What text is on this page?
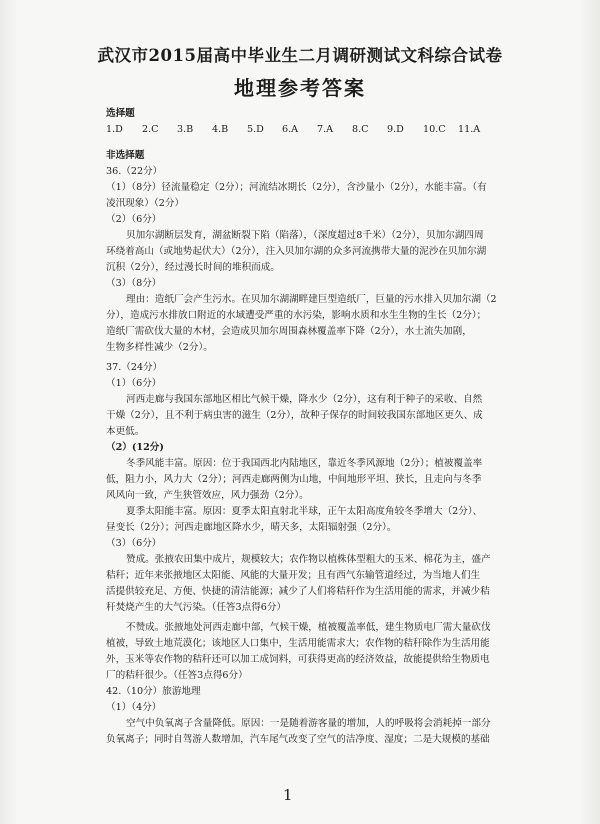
武汉市2015届高中毕业生二月调研测试文科综合试卷
地理参考答案

选择题

1.D	2.C	3.B	4.B	5.D	6.A	7.A	8.C	9.D	10.C	11.A

非选择题

36.（22分）

（1）（8分）径流量稳定（2分）；河流结冰期长（2分），含沙量小（2分），水能丰富。（有

凌汛现象）（2分）

（2）（6分）

贝加尔湖断层发育，湖盆断裂下陷（陷落），（深度超过8千米）（2分），贝加尔湖四周

环绕着高山（或地势起伏大）（2分），注入贝加尔湖的众多河流携带大量的泥沙在贝加尔湖

沉积（2分），经过漫长时间的堆积而成。

（3）（8分）

理由：造纸厂会产生污水。在贝加尔湖湖畔建巨型造纸厂，巨量的污水排入贝加尔湖（2

分），造成污水排放口附近的水域遭受严重的水污染，影响水质和水生生物的生长（2分）；

造纸厂需砍伐大量的木材，会造成贝加尔周围森林覆盖率下降（2分），水土流失加剧，

生物多样性减少（2分）。

37.（24分）

（1）（6分）

河西走廊与我国东部地区相比气候干燥，降水少（2分），这有利于种子的采收、自然

干燥（2分），且不利于病虫害的滋生（2分），故种子保存的时间较我国东部地区更久、成

本更低。

（2）(12分)

冬季风能丰富。原因：位于我国西北内陆地区，靠近冬季风源地（2分）；植被覆盖率

低，阻力小，风力大（2分）；河西走廊两侧为山地，中间地形平坦、狭长，且走向与冬季

风风向一致，产生狭管效应，风力强劲（2分）。

夏季太阳能丰富。原因：夏季太阳直射北半球，正午太阳高度角较冬季增大（2分）、

昼变长（2分）；河西走廊地区降水少，晴天多，太阳辐射强（2分）。

（3）（6分）

赞成。张掖农田集中成片，规模较大；农作物以植株体型粗大的玉米、棉花为主，盛产

秸秆；近年来张掖地区太阳能、风能的大量开发；且有西气东输管道经过，为当地人们生

活提供较充足、方便、快捷的清洁能源；减少了人们将秸秆作为生活用能的需求，并减少秸

秆焚烧产生的大气污染。（任答3点得6分）

不赞成。张掖地处河西走廊中部，气候干燥，植被覆盖率低，建生物质电厂需大量砍伐

植被，导致土地荒漠化；该地区人口集中，生活用能需求大；农作物的秸秆除作为生活用能

外，玉米等农作物的秸秆还可以加工成饲料，可获得更高的经济效益，故能提供给生物质电

厂的秸秆很少。（任答3点得6分）

42.（10分）旅游地理

（1）（4分）

空气中负氧离子含量降低。原因：一是随着游客量的增加，人的呼吸将会消耗掉一部分

负氧离子；同时自驾游人数增加，汽车尾气改变了空气的洁净度、湿度；二是大规模的基础

1
